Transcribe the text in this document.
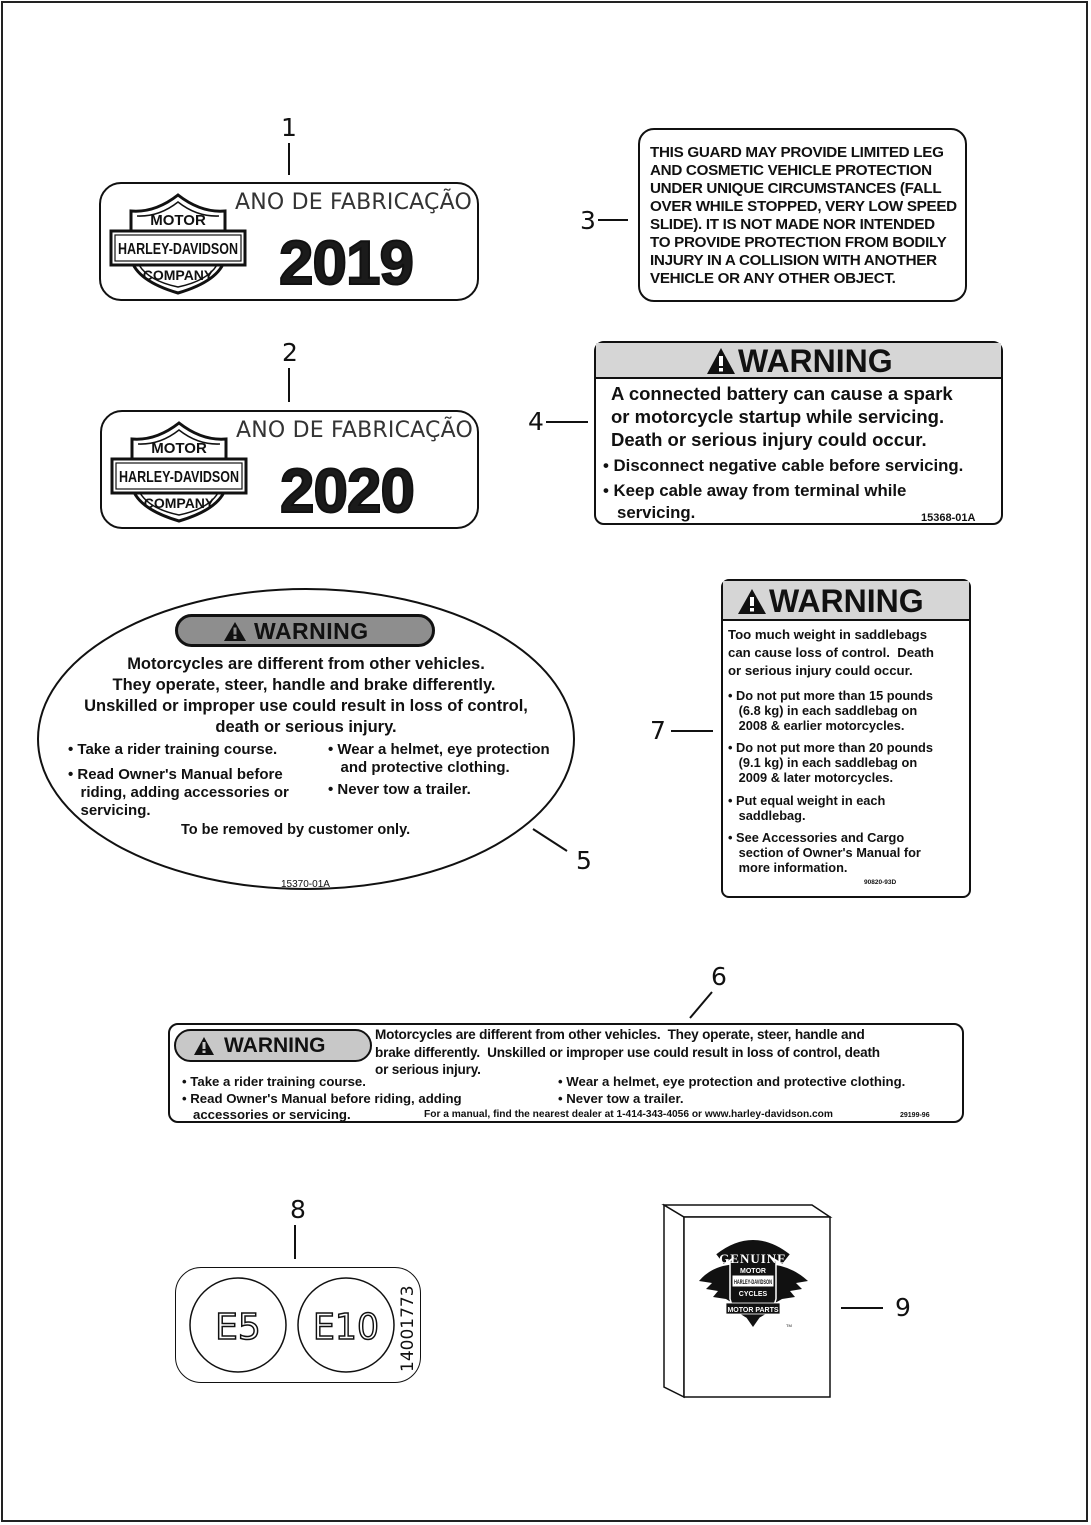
1
MOTOR
HARLEY-DAVIDSON
COMPANY
ANO DE FABRICAÇÃO
2019
2
MOTOR
HARLEY-DAVIDSON
COMPANY
ANO DE FABRICAÇÃO
2020
3
THIS GUARD MAY PROVIDE LIMITED LEG
AND COSMETIC VEHICLE PROTECTION
UNDER UNIQUE CIRCUMSTANCES (FALL
OVER WHILE STOPPED, VERY LOW SPEED
SLIDE). IT IS NOT MADE NOR INTENDED
TO PROVIDE PROTECTION FROM BODILY
INJURY IN A COLLISION WITH ANOTHER
VEHICLE OR ANY OTHER OBJECT.
4
WARNING
A connected battery can cause a spark
or motorcycle startup while servicing.
Death or serious injury could occur.
• Disconnect negative cable before servicing.
• Keep cable away from terminal while
servicing.	15368-01A
WARNING
Motorcycles are different from other vehicles.
They operate, steer, handle and brake differently.
Unskilled or improper use could result in loss of control,
death or serious injury.
• Take a rider training course.
• Read Owner's Manual before
riding, adding accessories or
servicing.
• Wear a helmet, eye protection
and protective clothing.
• Never tow a trailer.
To be removed by customer only.
15370-01A
5
7
WARNING
Too much weight in saddlebags
can cause loss of control.  Death
or serious injury could occur.
• Do not put more than 15 pounds
(6.8 kg) in each saddlebag on
2008 & earlier motorcycles.
• Do not put more than 20 pounds
(9.1 kg) in each saddlebag on
2009 & later motorcycles.
• Put equal weight in each
saddlebag.
• See Accessories and Cargo
section of Owner's Manual for
more information.
90820-93D
6
WARNING	Motorcycles are different from other vehicles.  They operate, steer, handle and
brake differently.  Unskilled or improper use could result in loss of control, death
or serious injury.
• Take a rider training course.
• Read Owner's Manual before riding, adding
accessories or servicing.
• Wear a helmet, eye protection and protective clothing.
• Never tow a trailer.
For a manual, find the nearest dealer at 1-414-343-4056 or www.harley-davidson.com	29199-96
8
E5 E10 14001773
GENUINE
MOTOR
HARLEY-DAVIDSON
CYCLES
MOTOR PARTS
TM
9
